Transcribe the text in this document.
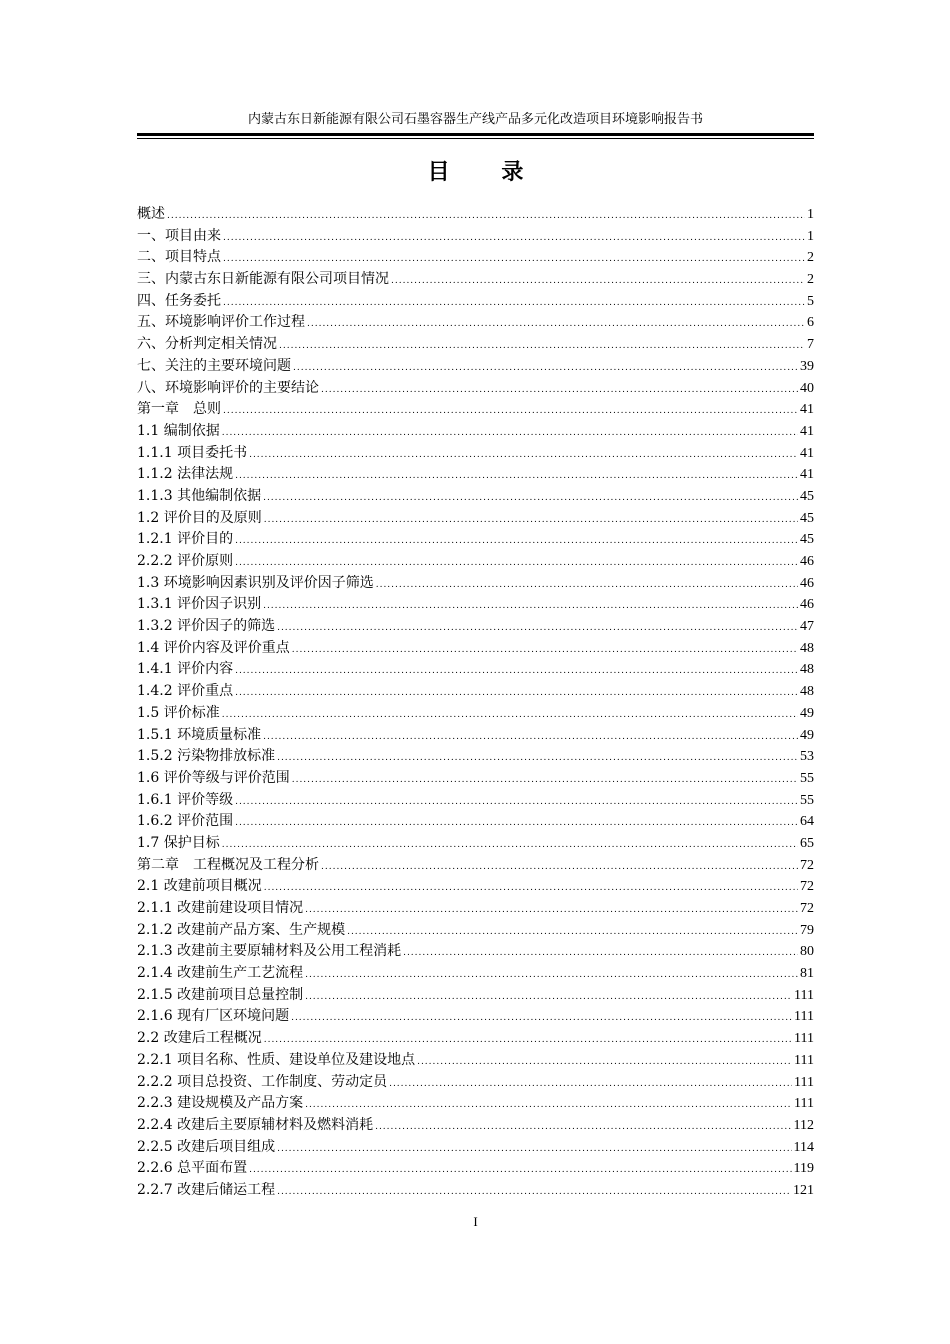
内蒙古东日新能源有限公司石墨容器生产线产品多元化改造项目环境影响报告书
目 录
概述 .....	1
一、项目由来 .....	1
二、项目特点 .....	2
三、内蒙古东日新能源有限公司项目情况 .....	2
四、任务委托 .....	5
五、环境影响评价工作过程 .....	6
六、分析判定相关情况 .....	7
七、关注的主要环境问题 .....	39
八、环境影响评价的主要结论 .....	40
第一章　总则 .....	41
1.1 编制依据 .....	41
1.1.1 项目委托书 .....	41
1.1.2 法律法规 .....	41
1.1.3 其他编制依据 .....	45
1.2 评价目的及原则 .....	45
1.2.1 评价目的 .....	45
2.2.2 评价原则 .....	46
1.3 环境影响因素识别及评价因子筛选 .....	46
1.3.1 评价因子识别 .....	46
1.3.2 评价因子的筛选 .....	47
1.4 评价内容及评价重点 .....	48
1.4.1 评价内容 .....	48
1.4.2 评价重点 .....	48
1.5 评价标准 .....	49
1.5.1 环境质量标准 .....	49
1.5.2 污染物排放标准 .....	53
1.6 评价等级与评价范围 .....	55
1.6.1 评价等级 .....	55
1.6.2 评价范围 .....	64
1.7 保护目标 .....	65
第二章　工程概况及工程分析 .....	72
2.1 改建前项目概况 .....	72
2.1.1 改建前建设项目情况 .....	72
2.1.2 改建前产品方案、生产规模 .....	79
2.1.3 改建前主要原辅材料及公用工程消耗 .....	80
2.1.4 改建前生产工艺流程 .....	81
2.1.5 改建前项目总量控制 .....	111
2.1.6 现有厂区环境问题 .....	111
2.2 改建后工程概况 .....	111
2.2.1 项目名称、性质、建设单位及建设地点 .....	111
2.2.2 项目总投资、工作制度、劳动定员 .....	111
2.2.3 建设规模及产品方案 .....	111
2.2.4 改建后主要原辅材料及燃料消耗 .....	112
2.2.5 改建后项目组成 .....	114
2.2.6 总平面布置 .....	119
2.2.7 改建后储运工程 .....	121
I
